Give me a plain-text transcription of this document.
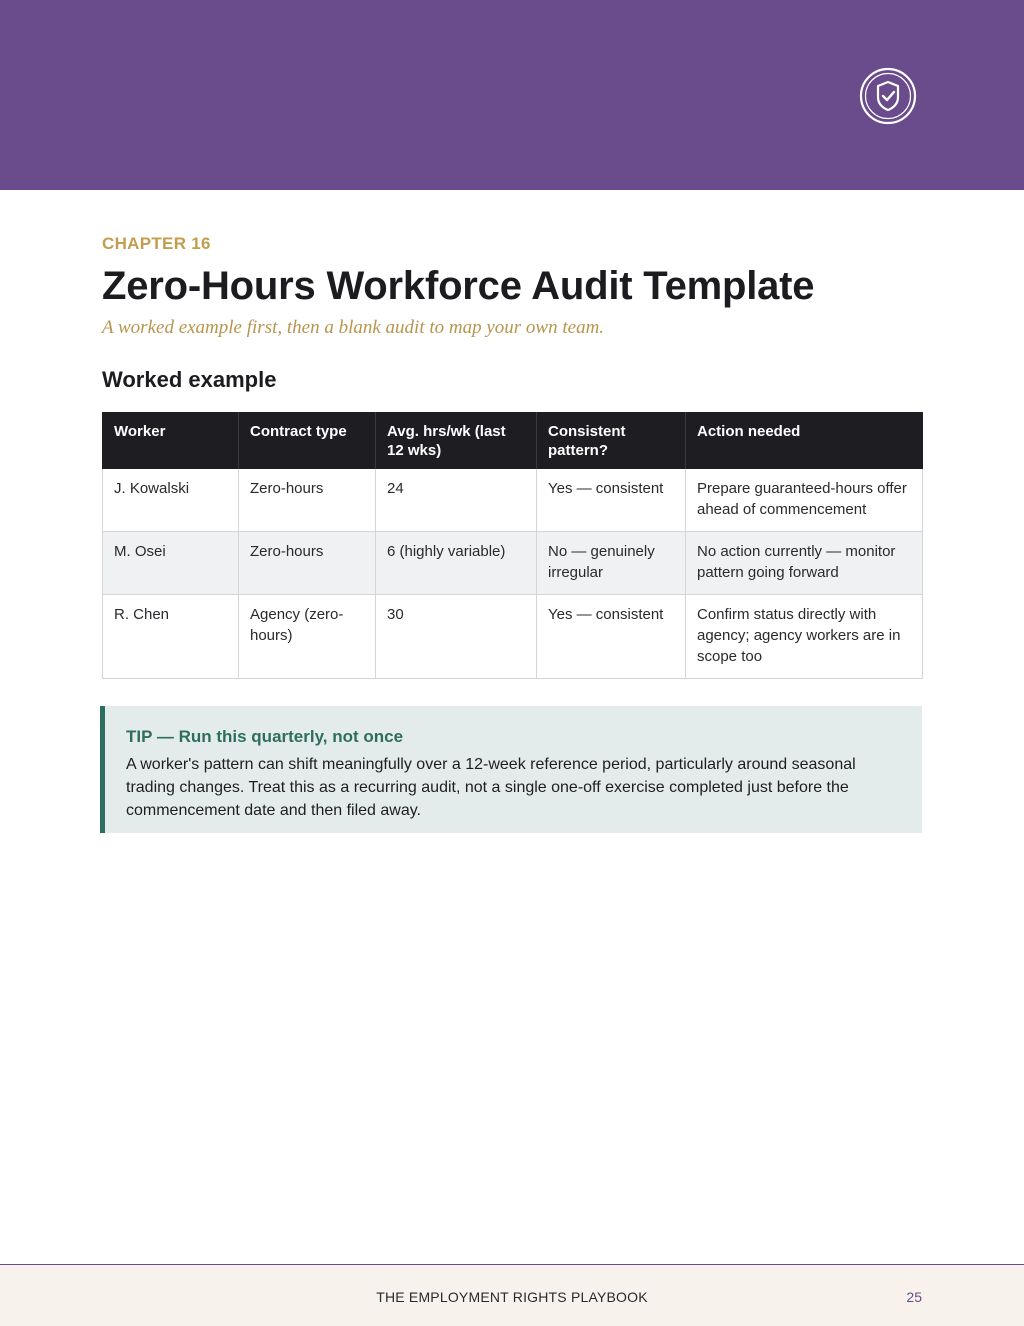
CHAPTER 16
Zero-Hours Workforce Audit Template
A worked example first, then a blank audit to map your own team.
Worked example
Worker	Contract type	Avg. hrs/wk (last 12 wks)	Consistent pattern?	Action needed
J. Kowalski	Zero-hours	24	Yes — consistent	Prepare guaranteed-hours offer ahead of commencement
M. Osei	Zero-hours	6 (highly variable)	No — genuinely irregular	No action currently — monitor pattern going forward
R. Chen	Agency (zero-hours)	30	Yes — consistent	Confirm status directly with agency; agency workers are in scope too
TIP — Run this quarterly, not once
A worker's pattern can shift meaningfully over a 12-week reference period, particularly around seasonal trading changes. Treat this as a recurring audit, not a single one-off exercise completed just before the commencement date and then filed away.
THE EMPLOYMENT RIGHTS PLAYBOOK	25
